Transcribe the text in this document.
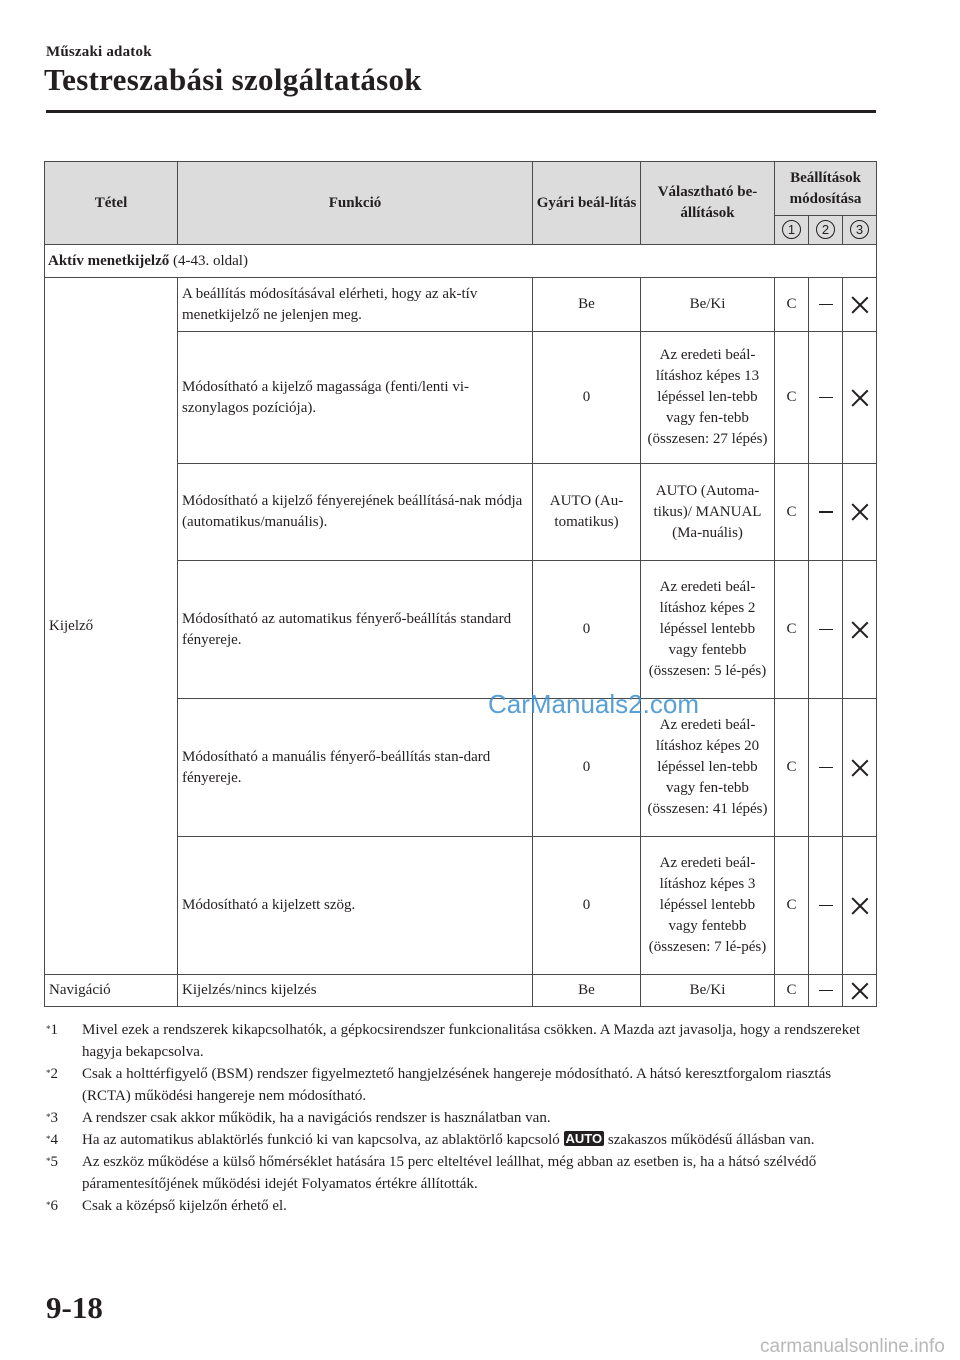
Műszaki adatok
Testreszabási szolgáltatások
Tétel	Funkció	Gyári beál-lítás	Választható be-állítások	Beállítások módosítása		
				1	2	3
Aktív menetkijelző (4-43. oldal)						
Kijelző	A beállítás módosításával elérheti, hogy az ak-tív menetkijelző ne jelenjen meg.	Be	Be/Ki	C		
	Módosítható a kijelző magassága (fenti/lenti vi-szonylagos pozíciója).	0	Az eredeti beál-lításhoz képes 13 lépéssel len-tebb vagy fen-tebb (összesen: 27 lépés)	C		
	Módosítható a kijelző fényerejének beállításá-nak módja (automatikus/manuális).	AUTO (Au-tomatikus)	AUTO (Automa-tikus)/ MANUAL (Ma-nuális)	C		
	Módosítható az automatikus fényerő-beállítás standard fényereje.	0	Az eredeti beál-lításhoz képes 2 lépéssel lentebb vagy fentebb (összesen: 5 lé-pés)	C		
	Módosítható a manuális fényerő-beállítás stan-dard fényereje.	0	Az eredeti beál-lításhoz képes 20 lépéssel len-tebb vagy fen-tebb (összesen: 41 lépés)	C		
	Módosítható a kijelzett szög.	0	Az eredeti beál-lításhoz képes 3 lépéssel lentebb vagy fentebb (összesen: 7 lé-pés)	C		
Navigáció	Kijelzés/nincs kijelzés	Be	Be/Ki	C		
*1	Mivel ezek a rendszerek kikapcsolhatók, a gépkocsirendszer funkcionalitása csökken. A Mazda azt javasolja, hogy a rendszereket hagyja bekapcsolva.
*2	Csak a holttérfigyelő (BSM) rendszer figyelmeztető hangjelzésének hangereje módosítható. A hátsó keresztforgalom riasztás (RCTA) működési hangereje nem módosítható.
*3	A rendszer csak akkor működik, ha a navigációs rendszer is használatban van.
*4	Ha az automatikus ablaktörlés funkció ki van kapcsolva, az ablaktörlő kapcsoló AUTO szakaszos működésű állásban van.
*5	Az eszköz működése a külső hőmérséklet hatására 15 perc elteltével leállhat, még abban az esetben is, ha a hátsó szélvédő páramentesítőjének működési idejét Folyamatos értékre állították.
*6	Csak a középső kijelzőn érhető el.
CarManuals2.com
9-18
carmanualsonline.info
